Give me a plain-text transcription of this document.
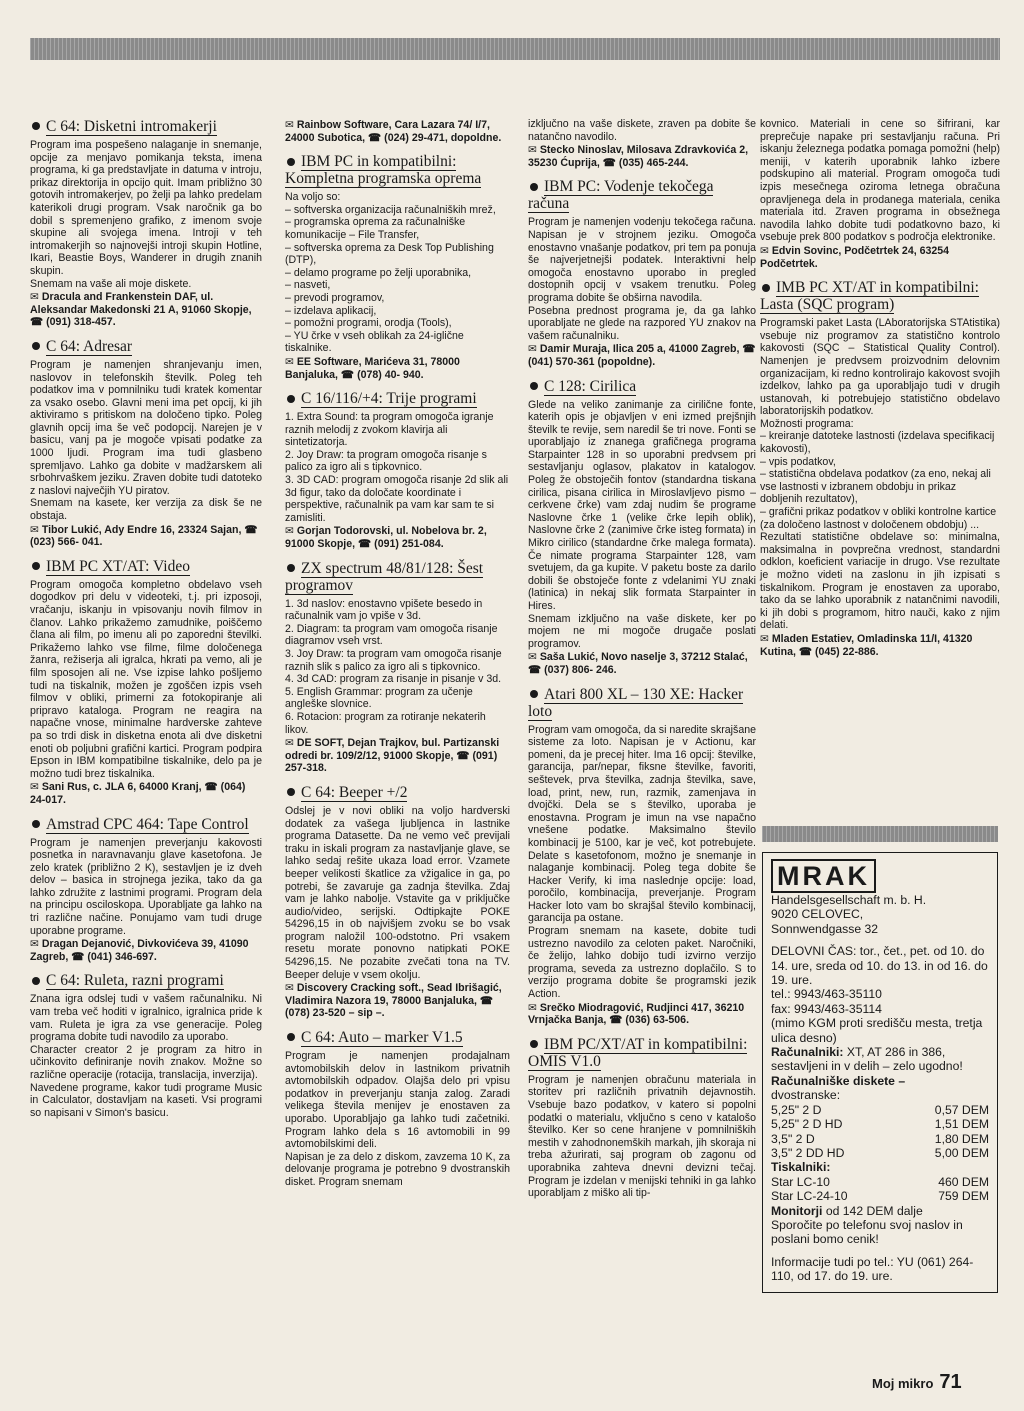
C 64: Disketni intromakerji

Program ima pospešeno nalaganje in snemanje, opcije za menjavo pomikanja teksta, imena programa, ki ga predstavljate in datuma v introju, prikaz direktorija in opcijo quit. Imam približno 30 gotovih intromakerjev, po želji pa lahko predelam katerikoli drugi program. Vsak naročnik ga bo dobil s spremenjeno grafiko, z imenom svoje skupine ali svojega imena. Introji v teh intromakerjih so najnovejši introji skupin Hotline, Ikari, Beastie Boys, Wanderer in drugih znanih skupin.

Snemam na vaše ali moje diskete.

✉ Dracula and Frankenstein DAF, ul. Aleksandar Makedonski 21 A, 91060 Skopje, ☎ (091) 318-457.
C 64: Adresar

Program je namenjen shranjevanju imen, naslovov in telefonskih številk. Poleg teh podatkov ima v pomnilniku tudi kratek komentar za vsako osebo. Glavni meni ima pet opcij, ki jih aktiviramo s pritiskom na določeno tipko. Poleg glavnih opcij ima še več podopcij. Narejen je v basicu, vanj pa je mogoče vpisati podatke za 1000 ljudi. Program ima tudi glasbeno spremljavo. Lahko ga dobite v madžarskem ali srbohrvaškem jeziku. Zraven dobite tudi datoteko z naslovi največjih YU piratov.

Snemam na kasete, ker verzija za disk še ne obstaja.

✉ Tibor Lukić, Ady Endre 16, 23324 Sajan, ☎ (023) 566- 041.
IBM PC XT/AT: Video

Program omogoča kompletno obdelavo vseh dogodkov pri delu v videoteki, t.j. pri izposoji, vračanju, iskanju in vpisovanju novih filmov in članov. Lahko prikažemo zamudnike, poiščemo člana ali film, po imenu ali po zaporedni številki. Prikažemo lahko vse filme, filme določenega žanra, režiserja ali igralca, hkrati pa vemo, ali je film sposojen ali ne. Vse izpise lahko pošljemo tudi na tiskalnik, možen je zgoščen izpis vseh filmov v obliki, primerni za fotokopiranje ali pripravo kataloga. Program ne reagira na napačne vnose, minimalne hardverske zahteve pa so trdi disk in disketna enota ali dve disketni enoti ob poljubni grafični kartici. Program podpira Epson in IBM kompatibilne tiskalnike, delo pa je možno tudi brez tiskalnika.

✉ Sani Rus, c. JLA 6, 64000 Kranj, ☎ (064) 24-017.
Amstrad CPC 464: Tape Control

Program je namenjen preverjanju kakovosti posnetka in naravnavanju glave kasetofona. Je zelo kratek (približno 2 K), sestavljen je iz dveh delov – basica in strojnega jezika, tako da ga lahko združite z lastnimi programi. Program dela na principu osciloskopa. Uporabljate ga lahko na tri različne načine. Ponujamo vam tudi druge uporabne programe.

✉ Dragan Dejanović, Divkovićeva 39, 41090 Zagreb, ☎ (041) 346-697.
C 64: Ruleta, razni programi

Znana igra odslej tudi v vašem računalniku. Ni vam treba več hoditi v igralnico, igralnica pride k vam. Ruleta je igra za vse generacije. Poleg programa dobite tudi navodilo za uporabo.

Character creator 2 je program za hitro in učinkovito definiranje novih znakov. Možne so različne operacije (rotacija, translacija, inverzija).

Navedene programe, kakor tudi programe Music in Calculator, dostavljam na kaseti. Vsi programi so napisani v Simon's basicu.

✉ Rainbow Software, Cara Lazara 74/ I/7, 24000 Subotica, ☎ (024) 29-471, dopoldne.
IBM PC in kompatibilni: Kompletna programska oprema

Na voljo so:

– softverska organizacija računalniških mrež,
– programska oprema za računalniške komunikacije – File Transfer,
– softverska oprema za Desk Top Publishing (DTP),
– delamo programe po želji uporabnika,
– nasveti,
– prevodi programov,
– izdelava aplikacij,
– pomožni programi, orodja (Tools),
– YU črke v vseh oblikah za 24-iglične tiskalnike.
✉ EE Software, Marićeva 31, 78000 Banjaluka, ☎ (078) 40- 940.
C 16/116/+4: Trije programi
1. Extra Sound: ta program omogoča igranje raznih melodij z zvokom klavirja ali sintetizatorja.
2. Joy Draw: ta program omogoča risanje s palico za igro ali s tipkovnico.
3. 3D CAD: program omogoča risanje 2d slik ali 3d figur, tako da določate koordinate i perspektive, računalnik pa vam kar sam te si zamisliti.
✉ Gorjan Todorovski, ul. Nobelova br. 2, 91000 Skopje, ☎ (091) 251-084.
ZX spectrum 48/81/128: Šest programov
1. 3d naslov: enostavno vpišete besedo in računalnik vam jo vpiše v 3d.
2. Diagram: ta program vam omogoča risanje diagramov vseh vrst.
3. Joy Draw: ta program vam omogoča risanje raznih slik s palico za igro ali s tipkovnico.
4. 3d CAD: program za risanje in pisanje v 3d.
5. English Grammar: program za učenje angleške slovnice.
6. Rotacion: program za rotiranje nekaterih likov.
✉ DE SOFT, Dejan Trajkov, bul. Partizanski odredi br. 109/2/12, 91000 Skopje, ☎ (091) 257-318.
C 64: Beeper +/2

Odslej je v novi obliki na voljo hardverski dodatek za vašega ljubljenca in lastnike programa Datasette. Da ne vemo več previjali traku in iskali program za nastavljanje glave, se lahko sedaj rešite ukaza load error. Vzamete beeper velikosti škatlice za vžigalice in ga, po potrebi, še zavaruje ga zadnja številka. Zdaj vam je lahko nabolje. Vstavite ga v priključke audio/video, serijski. Odtipkajte POKE 54296,15 in ob najvišjem zvoku se bo vsak program naložil 100-odstotno. Pri vsakem resetu morate ponovno natipkati POKE 54296,15. Ne pozabite zvečati tona na TV. Beeper deluje v vsem okolju.

✉ Discovery Cracking soft., Sead Ibrišagić, Vladimira Nazora 19, 78000 Banjaluka, ☎ (078) 23-520 – sip –.
C 64: Auto – marker V1.5

Program je namenjen prodajalnam avtomobilskih delov in lastnikom privatnih avtomobilskih odpadov. Olajša delo pri vpisu podatkov in preverjanju stanja zalog. Zaradi velikega števila menijev je enostaven za uporabo. Uporabljajo ga lahko tudi začetniki. Program lahko dela s 16 avtomobili in 99 avtomobilskimi deli.

Napisan je za delo z diskom, zavzema 10 K, za delovanje programa je potrebno 9 dvostranskih disket. Program snemam

izključno na vaše diskete, zraven pa dobite še natančno navodilo.

✉ Stecko Ninoslav, Milosava Zdravkovića 2, 35230 Ćuprija, ☎ (035) 465-244.
IBM PC: Vodenje tekočega računa

Program je namenjen vodenju tekočega računa. Napisan je v strojnem jeziku. Omogoča enostavno vnašanje podatkov, pri tem pa ponuja še najverjetnejši podatek. Interaktivni help omogoča enostavno uporabo in pregled dostopnih opcij v vsakem trenutku. Poleg programa dobite še obširna navodila.

Posebna prednost programa je, da ga lahko uporabljate ne glede na razpored YU znakov na vašem računalniku.

✉ Damir Muraja, Ilica 205 a, 41000 Zagreb, ☎ (041) 570-361 (popoldne).
C 128: Cirilica

Glede na veliko zanimanje za cirilične fonte, katerih opis je objavljen v eni izmed prejšnjih številk te revije, sem naredil še tri nove. Fonti se uporabljajo iz znanega grafičnega programa Starpainter 128 in so uporabni predvsem pri sestavljanju oglasov, plakatov in katalogov. Poleg že obstoječih fontov (standardna tiskana cirilica, pisana cirilica in Miroslavljevo pismo – cerkvene črke) vam zdaj nudim še programe Naslovne črke 1 (velike črke lepih oblik), Naslovne črke 2 (zanimive črke isteg formata) in Mikro cirilico (standardne črke malega formata). Če nimate programa Starpainter 128, vam svetujem, da ga kupite. V paketu boste za darilo dobili še obstoječe fonte z vdelanimi YU znaki (latinica) in nekaj slik formata Starpainter in Hires.

Snemam izključno na vaše diskete, ker po mojem ne mi mogoče drugače poslati programov.

✉ Saša Lukić, Novo naselje 3, 37212 Stalać, ☎ (037) 806- 246.
Atari 800 XL – 130 XE: Hacker loto

Program vam omogoča, da si naredite skrajšane sisteme za loto. Napisan je v Actionu, kar pomeni, da je precej hiter. Ima 16 opcij: številke, garancija, par/nepar, fiksne številke, favoriti, seštevek, prva številka, zadnja številka, save, load, print, new, run, razmik, zamenjava in dvojčki. Dela se s številko, uporaba je enostavna. Program je imun na vse napačno vnešene podatke. Maksimalno število kombinacij je 5100, kar je več, kot potrebujete. Delate s kasetofonom, možno je snemanje in nalaganje kombinacij. Poleg tega dobite še Hacker Verify, ki ima naslednje opcije: load, poročilo, kombinacija, preverjanje. Program Hacker loto vam bo skrajšal število kombinacij, garancija pa ostane.

Program snemam na kasete, dobite tudi ustrezno navodilo za celoten paket. Naročniki, če želijo, lahko dobijo tudi izvirno verzijo programa, seveda za ustrezno doplačilo. S to verzijo programa dobite še programski jezik Action.

✉ Srečko Miodragović, Rudjinci 417, 36210 Vrnjačka Banja, ☎ (036) 63-506.
IBM PC/XT/AT in kompatibilni: OMIS V1.0

Program je namenjen obračunu materiala in storitev pri različnih privatnih dejavnostih. Vsebuje bazo podatkov, v katero si popolni podatki o materialu, vključno s ceno v katalošo številko. Ker so cene hranjene v pomnilniških mestih v zahodnonemških markah, jih skoraja ni treba ažurirati, saj program ob zagonu od uporabnika zahteva dnevni devizni tečaj. Program je izdelan v menijski tehniki in ga lahko uporabljam z miško ali tip-

kovnico. Materiali in cene so šifrirani, kar preprečuje napake pri sestavljanju računa. Pri iskanju železnega podatka pomaga pomožni (help) meniji, v katerih uporabnik lahko izbere podskupino ali material. Program omogoča tudi izpis mesečnega oziroma letnega obračuna opravljenega dela in prodanega materiala, cenika materiala itd. Zraven programa in obsežnega navodila lahko dobite tudi podatkovno bazo, ki vsebuje prek 800 podatkov s področja elektronike.

✉ Edvin Sovinc, Podčetrtek 24, 63254 Podčetrtek.
IMB PC XT/AT in kompatibilni: Lasta (SQC program)

Programski paket Lasta (LAboratorijska STAtistika) vsebuje niz programov za statistično kontrolo kakovosti (SQC – Statistical Quality Control). Namenjen je predvsem proizvodnim delovnim organizacijam, ki redno kontrolirajo kakovost svojih izdelkov, lahko pa ga uporabljajo tudi v drugih ustanovah, ki potrebujejo statistično obdelavo laboratorijskih podatkov.

Možnosti programa:

– kreiranje datoteke lastnosti (izdelava specifikacij kakovosti),
– vpis podatkov,
– statistična obdelava podatkov (za eno, nekaj ali vse lastnosti v izbranem obdobju in prikaz dobljenih rezultatov),
– grafični prikaz podatkov v obliki kontrolne kartice (za določeno lastnost v določenem obdobju) ...

Rezultati statistične obdelave so: minimalna, maksimalna in povprečna vrednost, standardni odklon, koeficient variacije in drugo. Vse rezultate je možno videti na zaslonu in jih izpisati s tiskalnikom. Program je enostaven za uporabo, tako da se lahko uporabnik z natančnimi navodili, ki jih dobi s programom, hitro nauči, kako z njim delati.

✉ Mladen Estatiev, Omladinska 11/I, 41320 Kutina, ☎ (045) 22-886.
MRAK
Handelsgesellschaft m. b. H.
9020 CELOVEC,
Sonnwendgasse 32
DELOVNI ČAS: tor., čet., pet. od 10. do 14. ure, sreda od 10. do 13. in od 16. do 19. ure.
tel.: 9943/463-35110
fax: 9943/463-35114
(mimo KGM proti središču mesta, tretja ulica desno)
Računalniki: XT, AT 286 in 386, sestavljeni in v delih – zelo ugodno!
Računalniške diskete –
dvostranske:
5,25" 2 D	0,57 DEM
5,25" 2 D HD	1,51 DEM
3,5" 2 D	1,80 DEM
3,5" 2 DD HD	5,00 DEM
Tiskalniki:
Star LC-10	460 DEM
Star LC-24-10	759 DEM
Monitorji od 142 DEM dalje
Sporočite po telefonu svoj naslov in poslani bomo cenik!
Informacije tudi po tel.: YU (061) 264-110, od 17. do 19. ure.
Moj mikro 71
